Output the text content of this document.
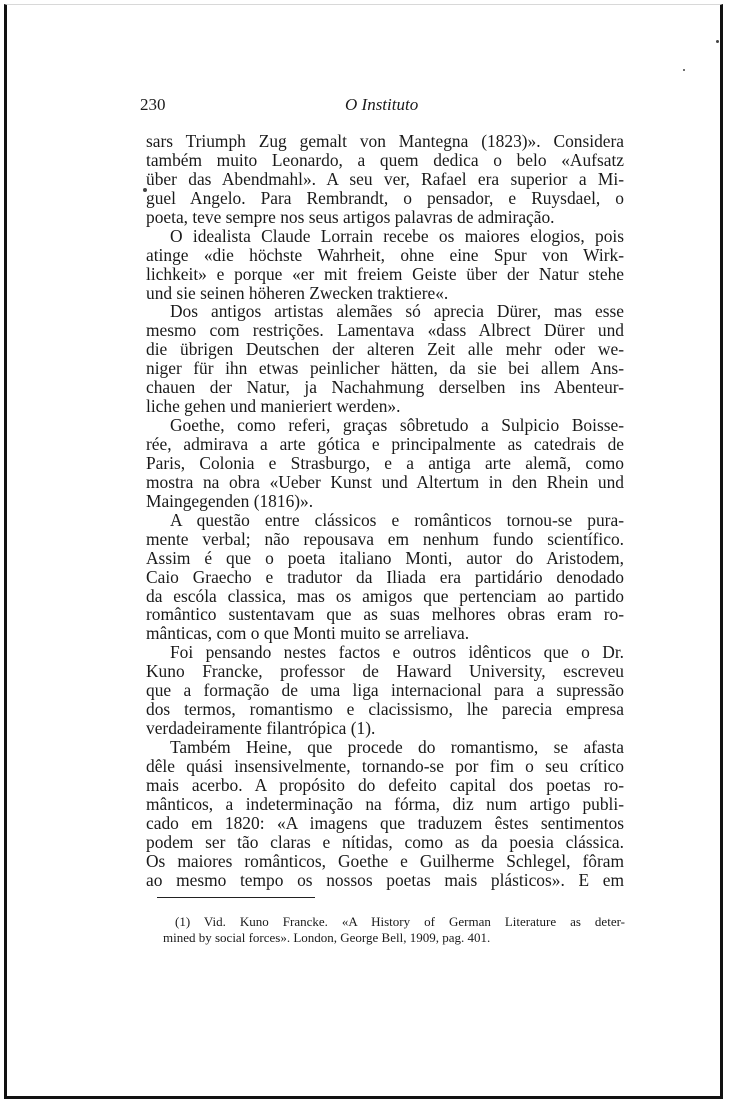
230	O Instituto
sars Triumph Zug gemalt von Mantegna (1823)». Considera
também muito Leonardo, a quem dedica o belo «Aufsatz
über das Abendmahl». A seu ver, Rafael era superior a Mi-
guel Angelo. Para Rembrandt, o pensador, e Ruysdael, o
poeta, teve sempre nos seus artigos palavras de admiração.
O idealista Claude Lorrain recebe os maiores elogios, pois
atinge «die höchste Wahrheit, ohne eine Spur von Wirk-
lichkeit» e porque «er mit freiem Geiste über der Natur stehe
und sie seinen höheren Zwecken traktiere«.
Dos antigos artistas alemães só aprecia Dürer, mas esse
mesmo com restrições. Lamentava «dass Albrect Dürer und
die übrigen Deutschen der alteren Zeit alle mehr oder we-
niger für ihn etwas peinlicher hätten, da sie bei allem Ans-
chauen der Natur, ja Nachahmung derselben ins Abenteur-
liche gehen und manieriert werden».
Goethe, como referi, graças sôbretudo a Sulpicio Boisse-
rée, admirava a arte gótica e principalmente as catedrais de
Paris, Colonia e Strasburgo, e a antiga arte alemã, como
mostra na obra «Ueber Kunst und Altertum in den Rhein und
Maingegenden (1816)».
A questão entre clássicos e românticos tornou-se pura-
mente verbal; não repousava em nenhum fundo scientífico.
Assim é que o poeta italiano Monti, autor do Aristodem,
Caio Graecho e tradutor da Iliada era partidário denodado
da escóla classica, mas os amigos que pertenciam ao partido
romântico sustentavam que as suas melhores obras eram ro-
mânticas, com o que Monti muito se arreliava.
Foi pensando nestes factos e outros idênticos que o Dr.
Kuno Francke, professor de Haward University, escreveu
que a formação de uma liga internacional para a supressão
dos termos, romantismo e clacissismo, lhe parecia empresa
verdadeiramente filantrópica (1).
Também Heine, que procede do romantismo, se afasta
dêle quási insensivelmente, tornando-se por fim o seu crítico
mais acerbo. A propósito do defeito capital dos poetas ro-
mânticos, a indeterminação na fórma, diz num artigo publi-
cado em 1820: «A imagens que traduzem êstes sentimentos
podem ser tão claras e nítidas, como as da poesia clássica.
Os maiores românticos, Goethe e Guilherme Schlegel, fôram
ao mesmo tempo os nossos poetas mais plásticos». E em
(1) Vid. Kuno Francke. «A History of German Literature as deter-
mined by social forces». London, George Bell, 1909, pag. 401.
